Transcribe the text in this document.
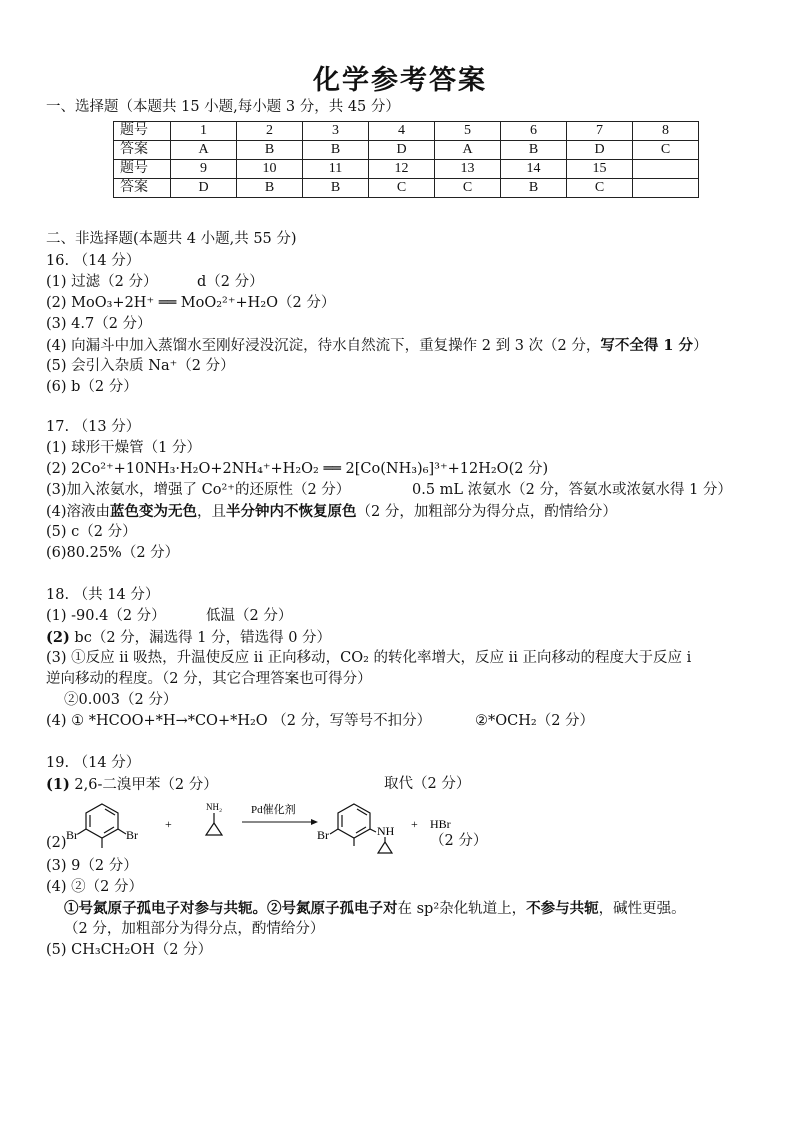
化学参考答案
一、选择题（本题共 15 小题,每小题 3 分，共 45 分）
题号	1	2	3	4	5	6	7	8
答案	A	B	B	D	A	B	D	C
题号	9	10	11	12	13	14	15	
答案	D	B	B	C	C	B	C	
二、非选择题(本题共 4 小题,共 55 分)
16. （14 分）
(1) 过滤（2 分）	d（2 分）
(2) MoO₃+2H⁺ ══ MoO₂²⁺+H₂O（2 分）
(3) 4.7（2 分）
(4) 向漏斗中加入蒸馏水至刚好浸没沉淀，待水自然流下，重复操作 2 到 3 次（2 分，写不全得 1 分）
(5) 会引入杂质 Na⁺（2 分）
(6) b（2 分）
17. （13 分）
(1) 球形干燥管（1 分）
(2) 2Co²⁺+10NH₃·H₂O+2NH₄⁺+H₂O₂ ══ 2[Co(NH₃)₆]³⁺+12H₂O(2 分)
(3)加入浓氨水，增强了 Co²⁺的还原性（2 分）	0.5 mL 浓氨水（2 分，答氨水或浓氨水得 1 分）
(4)溶液由蓝色变为无色，且半分钟内不恢复原色（2 分，加粗部分为得分点，酌情给分）
(5) c（2 分）
(6)80.25%（2 分）
18. （共 14 分）
(1) -90.4（2 分）	低温（2 分）
(2) bc（2 分，漏选得 1 分，错选得 0 分）
(3) ①反应 ii 吸热，升温使反应 ii 正向移动，CO₂ 的转化率增大，反应 ii 正向移动的程度大于反应 i
逆向移动的程度。（2 分，其它合理答案也可得分）
②0.003（2 分）
(4) ① *HCOO+*H→*CO+*H₂O （2 分，写等号不扣分）	②*OCH₂（2 分）
19. （14 分）
(1) 2,6-二溴甲苯（2 分）	取代（2 分）
Br	Br
+
NH₂	Pd催化剂
Br	NH + HBr
(2)	（2 分）
(3) 9（2 分）
(4) ②（2 分）
①号氮原子孤电子对参与共轭。②号氮原子孤电子对在 sp²杂化轨道上，不参与共轭，碱性更强。
（2 分，加粗部分为得分点，酌情给分）
(5) CH₃CH₂OH（2 分）
